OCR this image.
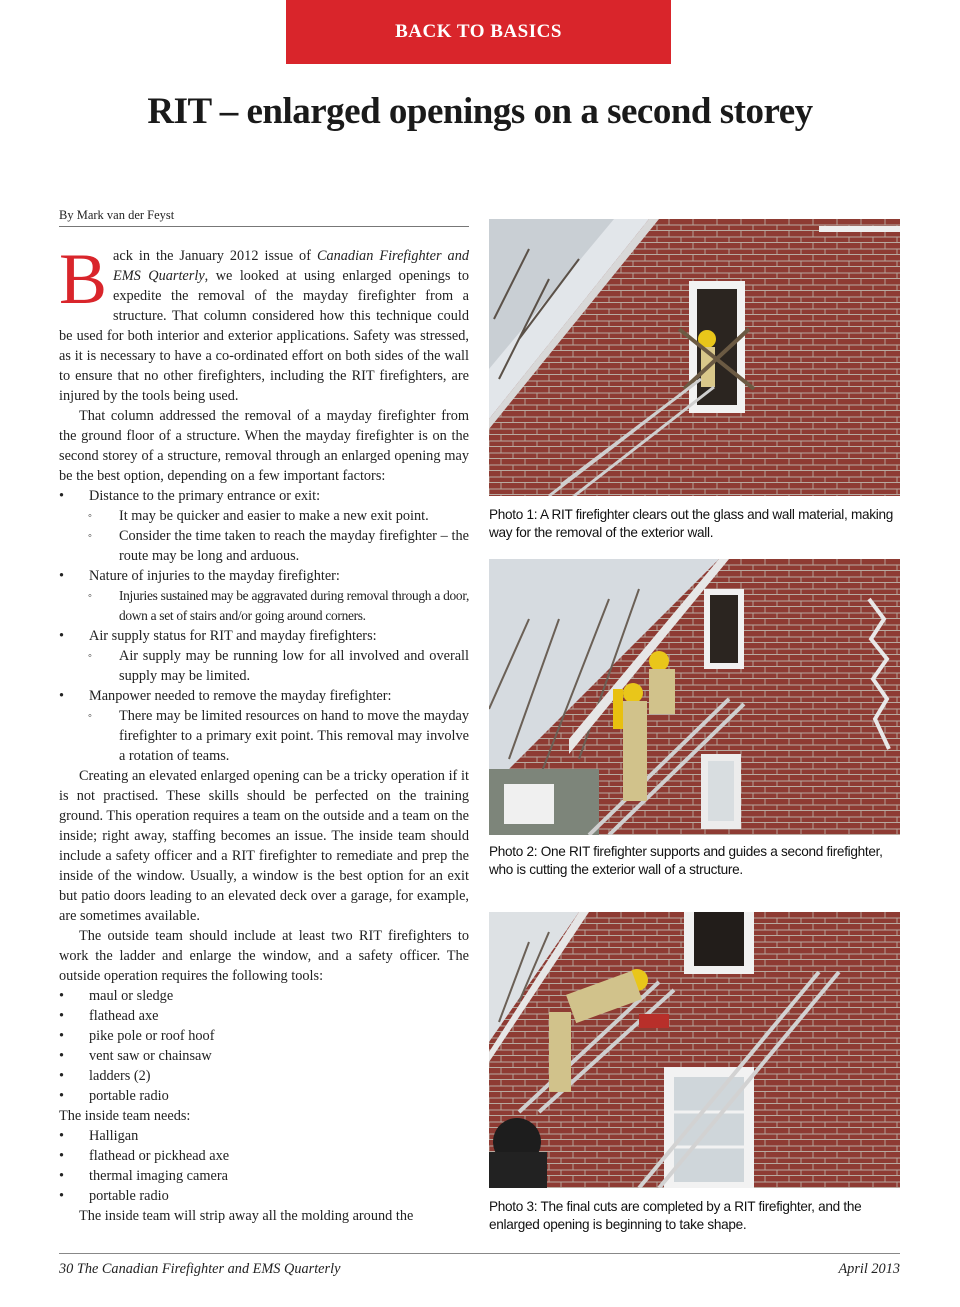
BACK TO BASICS
RIT – enlarged openings on a second storey
By Mark van der Feyst

Back in the January 2012 issue of Canadian Firefighter and EMS Quarterly, we looked at using enlarged openings to expedite the removal of the mayday firefighter from a structure. That column considered how this technique could be used for both interior and exterior applications. Safety was stressed, as it is necessary to have a co-ordinated effort on both sides of the wall to ensure that no other firefighters, including the RIT firefighters, are injured by the tools being used.

That column addressed the removal of a mayday firefighter from the ground floor of a structure. When the mayday firefighter is on the second storey of a structure, removal through an enlarged opening may be the best option, depending on a few important factors:

• Distance to the primary entrance or exit:
◦ It may be quicker and easier to make a new exit point.
◦ Consider the time taken to reach the mayday firefighter – the route may be long and arduous.
• Nature of injuries to the mayday firefighter:
◦ Injuries sustained may be aggravated during removal through a door, down a set of stairs and/or going around corners.
• Air supply status for RIT and mayday firefighters:
◦ Air supply may be running low for all involved and overall supply may be limited.
• Manpower needed to remove the mayday firefighter:
◦ There may be limited resources on hand to move the mayday firefighter to a primary exit point. This removal may involve a rotation of teams.

Creating an elevated enlarged opening can be a tricky operation if it is not practised. These skills should be perfected on the training ground. This operation requires a team on the outside and a team on the inside; right away, staffing becomes an issue. The inside team should include a safety officer and a RIT firefighter to remediate and prep the inside of the window. Usually, a window is the best option for an exit but patio doors leading to an elevated deck over a garage, for example, are sometimes available.

The outside team should include at least two RIT firefighters to work the ladder and enlarge the window, and a safety officer. The outside operation requires the following tools:

• maul or sledge
• flathead axe
• pike pole or roof hoof
• vent saw or chainsaw
• ladders (2)
• portable radio

The inside team needs:

• Halligan
• flathead or pickhead axe
• thermal imaging camera
• portable radio

The inside team will strip away all the molding around the

Photo 1: A RIT firefighter clears out the glass and wall material, making way for the removal of the exterior wall.
Photo 2: One RIT firefighter supports and guides a second firefighter, who is cutting the exterior wall of a structure.
Photo 3: The final cuts are completed by a RIT firefighter, and the enlarged opening is beginning to take shape.
30 The Canadian Firefighter and EMS Quarterly	April 2013
